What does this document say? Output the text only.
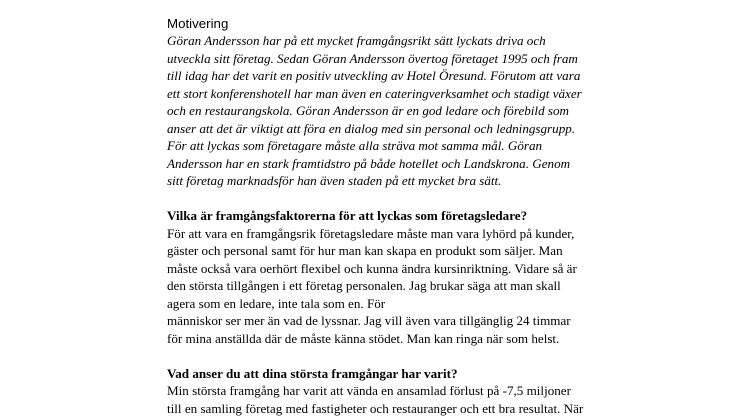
Motivering
Göran Andersson har på ett mycket framgångsrikt sätt lyckats driva och
utveckla sitt företag. Sedan Göran Andersson övertog företaget 1995 och fram
till idag har det varit en positiv utveckling av Hotel Öresund. Förutom att vara
ett stort konferenshotell har man även en cateringverksamhet och stadigt växer
och en restaurangskola. Göran Andersson är en god ledare och förebild som
anser att det är viktigt att föra en dialog med sin personal och ledningsgrupp.
För att lyckas som företagare måste alla sträva mot samma mål. Göran
Andersson har en stark framtidstro på både hotellet och Landskrona. Genom
sitt företag marknadsför han även staden på ett mycket bra sätt.
Vilka är framgångsfaktorerna för att lyckas som företagsledare?
För att vara en framgångsrik företagsledare måste man vara lyhörd på kunder,
gäster och personal samt för hur man kan skapa en produkt som säljer. Man
måste också vara oerhört flexibel och kunna ändra kursinriktning. Vidare så är
den största tillgången i ett företag personalen. Jag brukar säga att man skall
agera som en ledare, inte tala som en. För
människor ser mer än vad de lyssnar. Jag vill även vara tillgänglig 24 timmar
för mina anställda där de måste känna stödet. Man kan ringa när som helst.
Vad anser du att dina största framgångar har varit?
Min största framgång har varit att vända en ansamlad förlust på -7,5 miljoner
till en samling företag med fastigheter och restauranger och ett bra resultat. När
